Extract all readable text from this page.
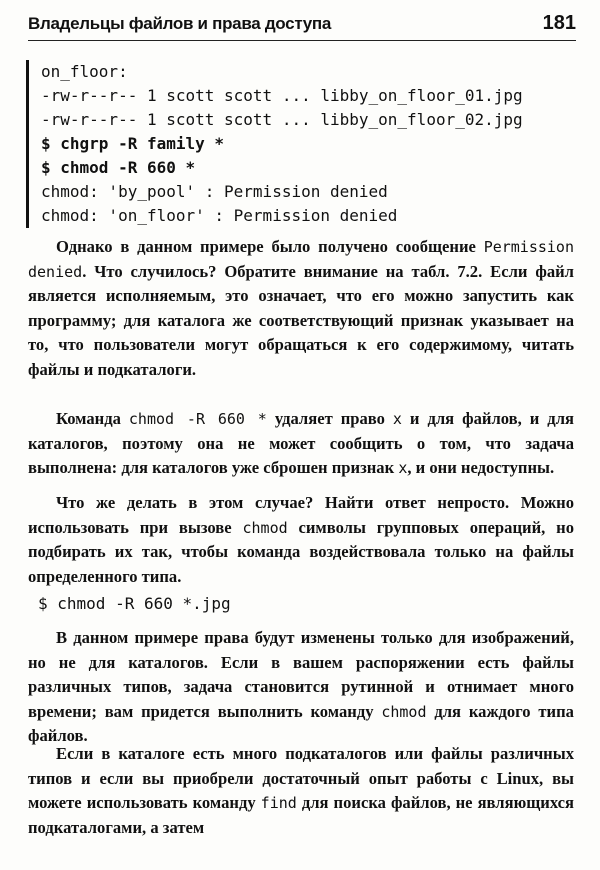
Владельцы файлов и права доступа	181
on_floor:
-rw-r--r-- 1 scott scott ... libby_on_floor_01.jpg
-rw-r--r-- 1 scott scott ... libby_on_floor_02.jpg
$ chgrp -R family *
$ chmod -R 660 *
chmod: 'by_pool' : Permission denied
chmod: 'on_floor' : Permission denied

Однако в данном примере было получено сообщение Permission denied. Что случилось? Обратите внимание на табл. 7.2. Если файл является исполняемым, это означает, что его можно запустить как программу; для каталога же соответствующий признак указывает на то, что пользователи могут обращаться к его содержимому, читать файлы и подкаталоги.

Команда chmod -R 660 * удаляет право x и для файлов, и для каталогов, поэтому она не может сообщить о том, что задача выполнена: для каталогов уже сброшен признак x, и они недоступны.

Что же делать в этом случае? Найти ответ непросто. Можно использовать при вызове chmod символы групповых операций, но подбирать их так, чтобы команда воздействовала только на файлы определенного типа.

$ chmod -R 660 *.jpg

В данном примере права будут изменены только для изображений, но не для каталогов. Если в вашем распоряжении есть файлы различных типов, задача становится рутинной и отнимает много времени; вам придется выполнить команду chmod для каждого типа файлов.

Если в каталоге есть много подкаталогов или файлы различных типов и если вы приобрели достаточный опыт работы с Linux, вы можете использовать команду find для поиска файлов, не являющихся подкаталогами, а затем
